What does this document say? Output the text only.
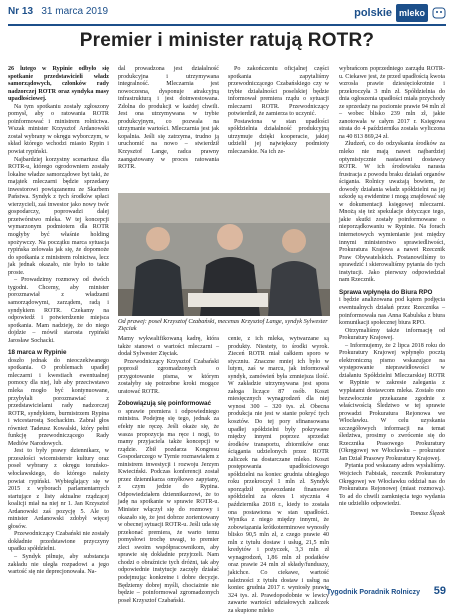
Nr 13 31 marca 2019	polskie mleko
Premier i minister ratują ROTR?

26 lutego w Rypinie odbyło się spotkanie przedstawicieli władz samorządowych, członków rady nadzorczej ROTR oraz syndyka masy upadłościowej.

Na tym spotkaniu zostały zgłoszony pomysł, aby o ratowania ROTR poinformować i ministrem rolnictwa. Wszak minister Krzysztof Ardanowski został wybrany w okręgu wyborczym, w skład którego wchodzi miasto Rypin i powiat rypiński.

Najbardziej korzystny scenariusz dla ROTR-u, którego ogrodowniem zostały lokalne władze samorządowe byt taki, że majątek mleczarni będzie sprzedany inwestorowi powiązanemu ze Skarbem Państwa. Syndyk z tych środków spłaci wierzycieli, zaś inwestor jako nowy twór gospodarczy, poprowadzi dalej przetwórstwo mleka. W tej koncepcji wymarzonym podmiotem dla ROTR mogłyby być właśnie holding spożywczy. Na początku marca sytuacja rypińska zelowała jak się, że dopomoże do spotkania z ministrem rolnictwa, lecz jak jednak okazało, nie było to takie proste.

– Prowadzimy rozmowy od dwóch tygodni. Chcemy, aby minister porozmawiał z władzami samorządowymi, zarządem, radą i syndykiem ROTR. Czekamy na odpowiedź i potwierdzenie miejsca spotkania. Mam nadzieję, że do niego dojdzie – mówił starosta rypiński Jarosław Sochacki.

18 marca w Rypinie

doszło jednak do nieoczekiwanego spotkania. O problemach upadłej mleczarni i kwestiach ewentualnej pomocy dla niej, lub aby przeciwstawo mleka mogło być kontynuowane, przybyłali porozmawiać z przedstawicielami rady nadzorczej ROTR, syndykiem, burmistrzem Rypina i wicestarostą Sochackim. Zabrał głos również Tadeusz Kowalski, który pełni funkcję przewodniczącego Rady Mediów Narodowych.

Jest to były prawy dziennikarz, w przeszłości wicemisterstr kultury oraz poseł wybrany z okręgu toruńsko-włocławskiego, do którego należy powiat rypiński. Wybieglający się w 2015 z wyborach parlamentarnych startujące z listy aktualne rządzącej koalicji miał na niej nr 1. Jan Krzysztof Ardanowski zaś pozycję 5. Ale to minister Ardanowski zdobył więcej głosów.

Przewodniczący Czabański nie zostały dokładnie przedstawione przyczyny upadku spółdzielni.

– Syndyk piłnuje, aby substancja zakładu nie uległa rozpadowi a jego wartość się nie deprecjonowała. Na-

dal prowadzona jest działalność produkcyjna i utrzymywana integralność. Mleczarnia jest nowoczesna, dysponuje atrakcyjną infrastrukturą i jest doinwestowana. Zdolna do produkcji w każdej chwili. Jest ona utrzymywana w trybie produkcyjnym, co pozwala na utrzymanie wartości. Mleczarnia jest jak kopalnia. Jeśli się zatrzyma, trudno ją uruchomić na nowo – stwierdził Krzysztof Lange, radca prawny zaangażowany w proces ratowania ROTR.

Po zakończeniu oficjalnej części spotkania zapytaliśmy przewodniczącego Czabańskiego czy w trybie działalności poselskiej będzie informował premiera rządu o sytuacji mleczarni ROTR. Przewodniczący potwierdził, że zamierza to uczynić.

Postawiona w stan upadłości spółdzielnia działalność produkcyjną utrzymuje dzięki kooperacie, jakiej udzielił jej największy podmioty mleczarskie. Na ich ze-

Od prawej: poseł Krzysztof Czabański, mecenas Krzysztof Lange, syndyk Sylwester Zięciak

Mamy wykwalifikowaną kadrę, która także stanowi o wartości mleczarni – dodał Sylwester Zięciak.

Przewodniczący Krzysztof Czabański poprosił zgromadzonych o przygotowanie pisma, w którym zostałyby się potrzebne kroki mogące uratować ROTR.

Zobowiązują się poinformować

o sprawie premiera i odpowiedniego ministra. Podejmę się tego, jednak za efekty nie ręczę. Jeśli okaże się, że wasza propozycja ma ręce i nogi, to mamy przyjaciela także koncepcji w rządzie. Zbił pozdarza Kongresu Gospodarczego w Tyrnie rozmawialem z ministrem inwestycji i rozwoju Jerzym Kwieciński. Podczas konferencji został przez dziennikarza omyłkowo zapytany, z czym jedzie do Rypina. Odpowiedziałem dziennikarzowi, że to jadę na spotkanie w sprawie ROTR-u. Minister włączył się do rozmowy i okazało się, że jest dobrze zorientowany w obecnej sytuacji ROTR-u. Jeśli uda się przekonać premiera, że warto temu pomysłowi trochę uwagi, to premier zleci swoim współpracownikom, aby sprawie się dokładnie przyjrzeli. Nam chodzi o obraźnicie tych dróżni, tak aby odpowiednie instytucje zaczęły działać podejmując konkretne i dobre decyzje. Będziemy dobrej myśli, chociażnie nie będzie – poinformował zgromadzonych poseł Krzysztof Czabański.

cenie, z ich mleka, wytwarzane są produkty. Niestety, to środki wyrok. Zieceń ROTR miał całkiem sporo w styczniu. Znaczne mniej ich było w lutym, zaś w marcu, jak informował syndyk, zamówień była zmniejsza ilość. W zakładzie utrzymywana jest spora załoga liczące 87 osób. Koszt miesięcznych wynagrodzeń dla niej wynosi 300 – 320 tys. zł. Obecna produkcja nie jest w stanie pokryć tych kosztów. Do tej pory sfinansowana upadłej spółdzielni były pokrywane między innymi poprzez sprzedaż środków transportu, zbiorników oraz ściągania udzielonych przez ROTR zaliczek na dostarczane mleko. Koszt postępowania upadłościowego spółdzielni na koniec grudnia ubiegłego roku przekroczył 1 mln zł. Syndyk sporządził sprawozdanie finansowe spółdzielni za okres 1 stycznia 4 października 2018 r., kiedy to została ona postawiona w stan upadłości. Wynika z niego między innymi, że zobowiązania krótkoterminowe wynosiły blisko 90,5 mln zł, z czego prawie 40 mln z tytułu dostaw i usług, 21,5 mln kredytów i pożyczek, 3,3 mln zł wynagrodzeń, 1,86 mln zł podatków oraz prawie 24 mln zł składy/funduszy, jakichce. Co ciekawe, wartość należności z tytułu dostaw i usług na koniec grudnia 2017 r. wyniosły prawie 324 tys. zł. Prawdopodobnie w lewicy zawarte wartości udziałowych zaliczek za skupione mleko

wybrańcom poprzedniego zarządu ROTR-u. Ciekawe jest, że przed upadłością kwota wzrosła prawie dziesięciokrotnie i przekroczyła 3 mln zł. Spółdzielnia do dnia ogłoszenia upadłości miała przychody ze sprzedaży na poziomie prawie 94 mln zł – wobec blisko 239 mln zł, jakie zanotowała w całym 2017 r. Księgowa strata do 4 października została wyliczona na 40 813 869,24 zł.

Złudzeń, co do odzyskania środków za mleko nie mają nawet najbardziej optymistycznie nastawieni dostawcy ROTR. W ich środowisku narasta frustracja z powodu braku działań organów ścigania. Rolnicy uważają bowiem, że dowody działania władz spółdzielni na jej szkodę są ewidentne i mogą znajdować się w dokumentacji księgowej mleczarni. Mnożą się też spekulacje dotyczące tego, jakie skutki zostały poinformowane o nieporządkowaniu w Rypinie. Na forach internetowych wymienianie jest między innymi ministerstwo sprawiedliwości, Prokuratura Krajowa a nawet Rzecznik Praw Obywatelskich. Postanowiliśmy to sprawdzić i skierowaliśmy pytania do tych instytucji. Jako pierwszy odpowiedział nam Rzecznik.

Sprawa wpłynęła do Biura RPO

i będzie analizowana pod kątem podjęcia ewentualnych działań przez Rzecznika – poinformowała nas Anna Kabulska z biura komunikacji społecznej biura RPO.

Otrzymaliśmy także informację od Prokuratury Krajowej.

– Informujemy, że 2 lipca 2018 roku do Prokuratury Krajowej wpłynęło pocztą elektroniczną pismo wskazujące na występowanie nieprawidłowości w działaniu Spółdzielni Mleczarskiej ROTR w Rypinie w zakresie zalegania z wypłatami dostawcom mleka. Zostało ono bezzwłocznie przekazane zgodnie z właściwością Śledztwo w tej sprawie prowadzi Prokuratura Rejonowa we Włocławku. W celu uzyskania szczegółowych informacji na temat śledztwa, prosimy o zwrócenie się do Rzecznika Prasowego Prokuratury (Okręgowej we Włocławku – prokurator Jan Dział Prasowy Prokuratury Krajowej.

Pytania pod wskazany adres wysłaliśmy. Wojciech Fabisiak, rzecznik Prokuratury Okręgowej we Włocławku oddział nas do Prokuratura Rejonowej (miast rozmową). To ad do chwili zamknięcia tego wydania nie udzieliło odpowiedzi.

Tomasz Ślęzak
Tygodnik Poradnik Rolniczy 59
